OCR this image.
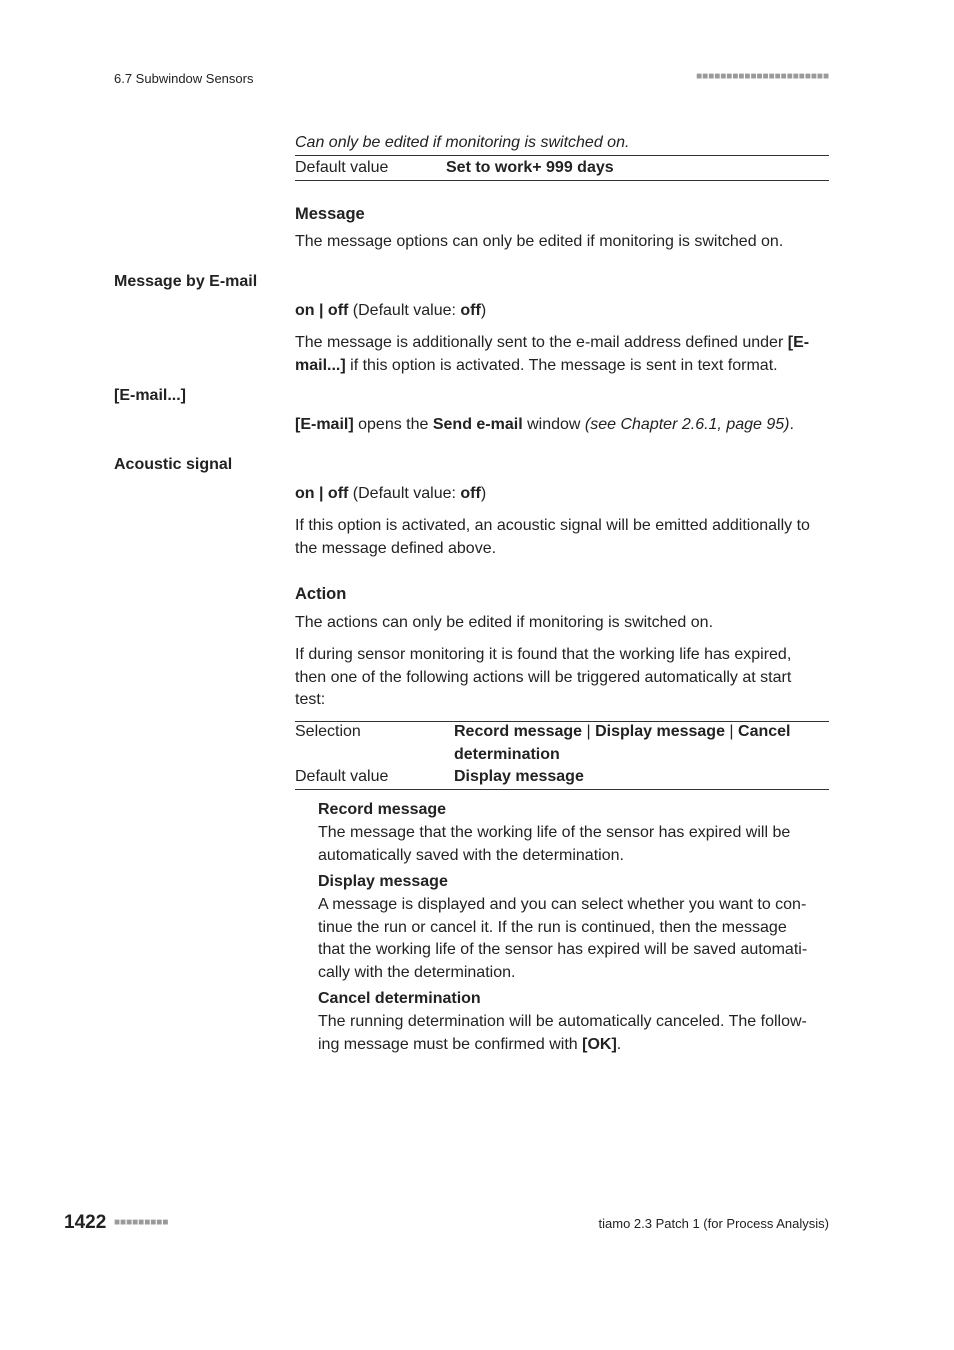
6.7 Subwindow Sensors	■■■■■■■■■■■■■■■■■■■■■■
Can only be edited if monitoring is switched on.
Default value	Set to work+ 999 days
Message
The message options can only be edited if monitoring is switched on.
Message by E-mail
on | off (Default value: off)
The message is additionally sent to the e-mail address defined under [E-
mail...] if this option is activated. The message is sent in text format.
[E-mail...]
[E-mail] opens the Send e-mail window (see Chapter 2.6.1, page 95).
Acoustic signal
on | off (Default value: off)
If this option is activated, an acoustic signal will be emitted additionally to
the message defined above.
Action
The actions can only be edited if monitoring is switched on.
If during sensor monitoring it is found that the working life has expired,
then one of the following actions will be triggered automatically at start
test:
Selection	Record message | Display message | Cancel
determination
Default value	Display message
Record message
The message that the working life of the sensor has expired will be
automatically saved with the determination.
Display message
A message is displayed and you can select whether you want to con-
tinue the run or cancel it. If the run is continued, then the message
that the working life of the sensor has expired will be saved automati-
cally with the determination.
Cancel determination
The running determination will be automatically canceled. The follow-
ing message must be confirmed with [OK].
1422 ■■■■■■■■■	tiamo 2.3 Patch 1 (for Process Analysis)
